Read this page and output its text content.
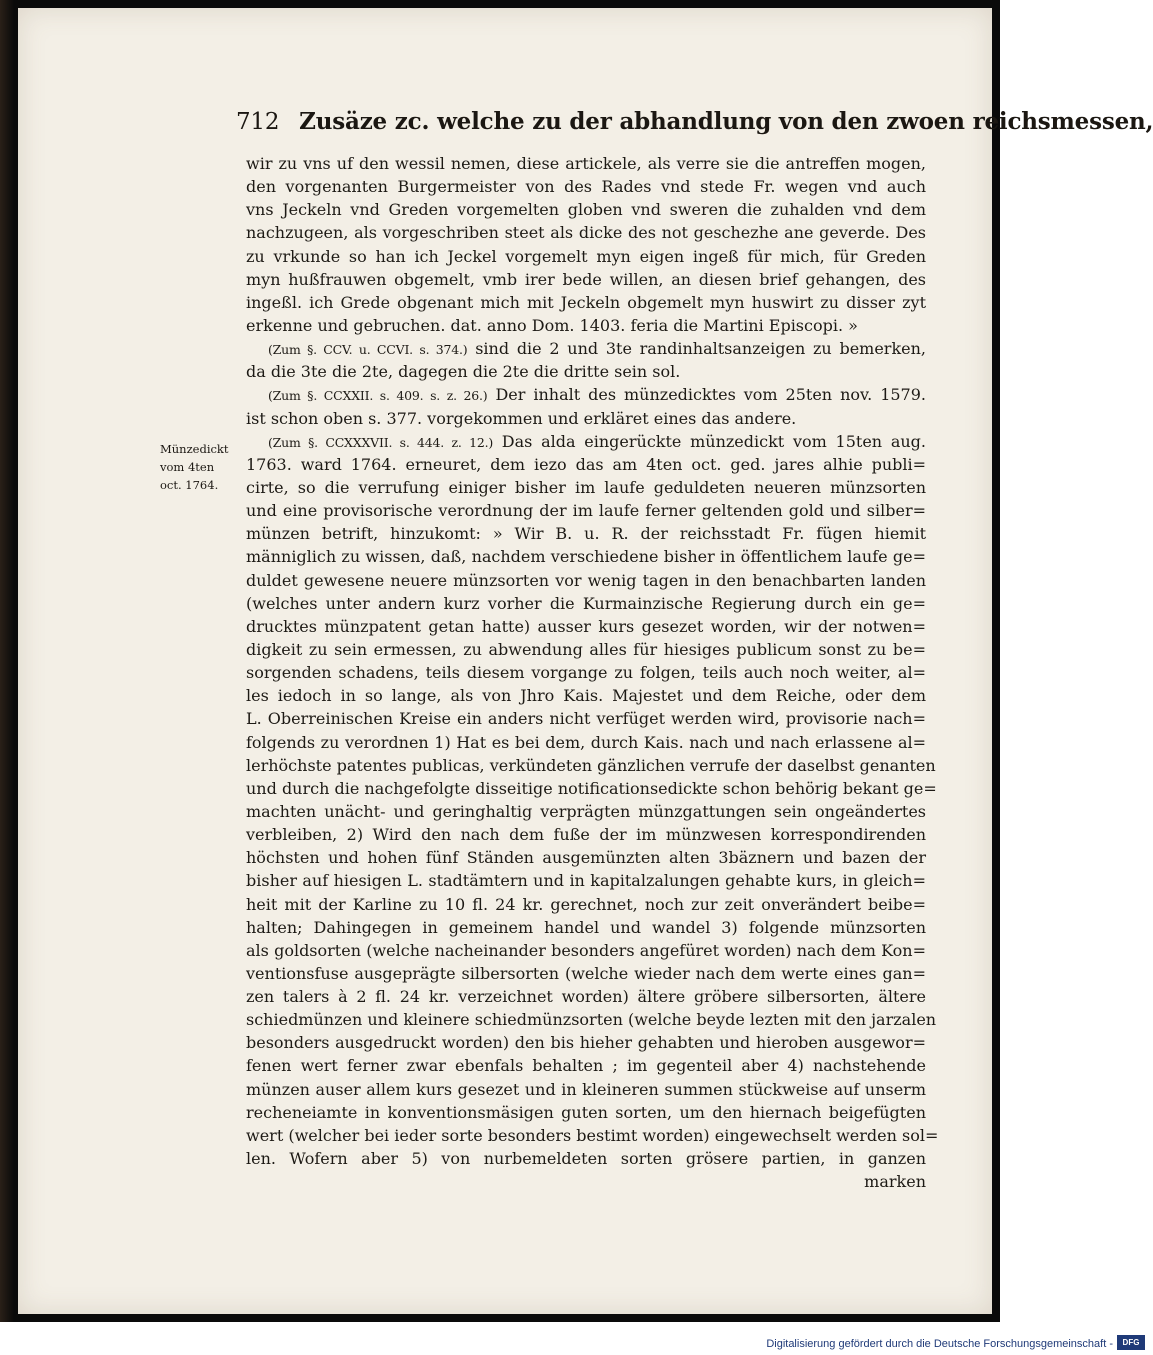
712 Zusäze zc. welche zu der abhandlung von den zwoen reichsmessen,
Münzedickt
vom 4ten
oct. 1764.
wir zu vns uf den wessil nemen, diese artickele, als verre sie die antreffen mogen,
den vorgenanten Burgermeister von des Rades vnd stede Fr. wegen vnd auch
vns Jeckeln vnd Greden vorgemelten globen vnd sweren die zuhalden vnd dem
nachzugeen, als vorgeschriben steet als dicke des not geschezhe ane geverde. Des
zu vrkunde so han ich Jeckel vorgemelt myn eigen ingeß für mich, für Greden
myn hußfrauwen obgemelt, vmb irer bede willen, an diesen brief gehangen, des
ingeßl. ich Grede obgenant mich mit Jeckeln obgemelt myn huswirt zu disser zyt
erkenne und gebruchen. dat. anno Dom. 1403. feria die Martini Episcopi. »
(Zum §. CCV. u. CCVI. s. 374.) sind die 2 und 3te randinhaltsanzeigen zu bemerken,
da die 3te die 2te, dagegen die 2te die dritte sein sol.
(Zum §. CCXXII. s. 409. s. z. 26.) Der inhalt des münzedicktes vom 25ten nov. 1579.
ist schon oben s. 377. vorgekommen und erkläret eines das andere.
(Zum §. CCXXXVII. s. 444. z. 12.) Das alda eingerückte münzedickt vom 15ten aug.
1763. ward 1764. erneuret, dem iezo das am 4ten oct. ged. jares alhie publi=
cirte, so die verrufung einiger bisher im laufe geduldeten neueren münzsorten
und eine provisorische verordnung der im laufe ferner geltenden gold und silber=
münzen betrift, hinzukomt: » Wir B. u. R. der reichsstadt Fr. fügen hiemit
männiglich zu wissen, daß, nachdem verschiedene bisher in öffentlichem laufe ge=
duldet gewesene neuere münzsorten vor wenig tagen in den benachbarten landen
(welches unter andern kurz vorher die Kurmainzische Regierung durch ein ge=
drucktes münzpatent getan hatte) ausser kurs gesezet worden, wir der notwen=
digkeit zu sein ermessen, zu abwendung alles für hiesiges publicum sonst zu be=
sorgenden schadens, teils diesem vorgange zu folgen, teils auch noch weiter, al=
les iedoch in so lange, als von Jhro Kais. Majestet und dem Reiche, oder dem
L. Oberreinischen Kreise ein anders nicht verfüget werden wird, provisorie nach=
folgends zu verordnen 1) Hat es bei dem, durch Kais. nach und nach erlassene al=
lerhöchste patentes publicas, verkündeten gänzlichen verrufe der daselbst genanten
und durch die nachgefolgte disseitige notificationsedickte schon behörig bekant ge=
machten unächt- und geringhaltig verprägten münzgattungen sein ongeändertes
verbleiben, 2) Wird den nach dem fuße der im münzwesen korrespondirenden
höchsten und hohen fünf Ständen ausgemünzten alten 3bäznern und bazen der
bisher auf hiesigen L. stadtämtern und in kapitalzalungen gehabte kurs, in gleich=
heit mit der Karline zu 10 fl. 24 kr. gerechnet, noch zur zeit onverändert beibe=
halten; Dahingegen in gemeinem handel und wandel 3) folgende münzsorten
als goldsorten (welche nacheinander besonders angefüret worden) nach dem Kon=
ventionsfuse ausgeprägte silbersorten (welche wieder nach dem werte eines gan=
zen talers à 2 fl. 24 kr. verzeichnet worden) ältere gröbere silbersorten, ältere
schiedmünzen und kleinere schiedmünzsorten (welche beyde lezten mit den jarzalen
besonders ausgedruckt worden) den bis hieher gehabten und hieroben ausgewor=
fenen wert ferner zwar ebenfals behalten ; im gegenteil aber 4) nachstehende
münzen auser allem kurs gesezet und in kleineren summen stückweise auf unserm
recheneiamte in konventionsmäsigen guten sorten, um den hiernach beigefügten
wert (welcher bei ieder sorte besonders bestimt worden) eingewechselt werden sol=
len. Wofern aber 5) von nurbemeldeten sorten grösere partien, in ganzen
marken
Digitalisierung gefördert durch die Deutsche Forschungsgemeinschaft -	DFG
